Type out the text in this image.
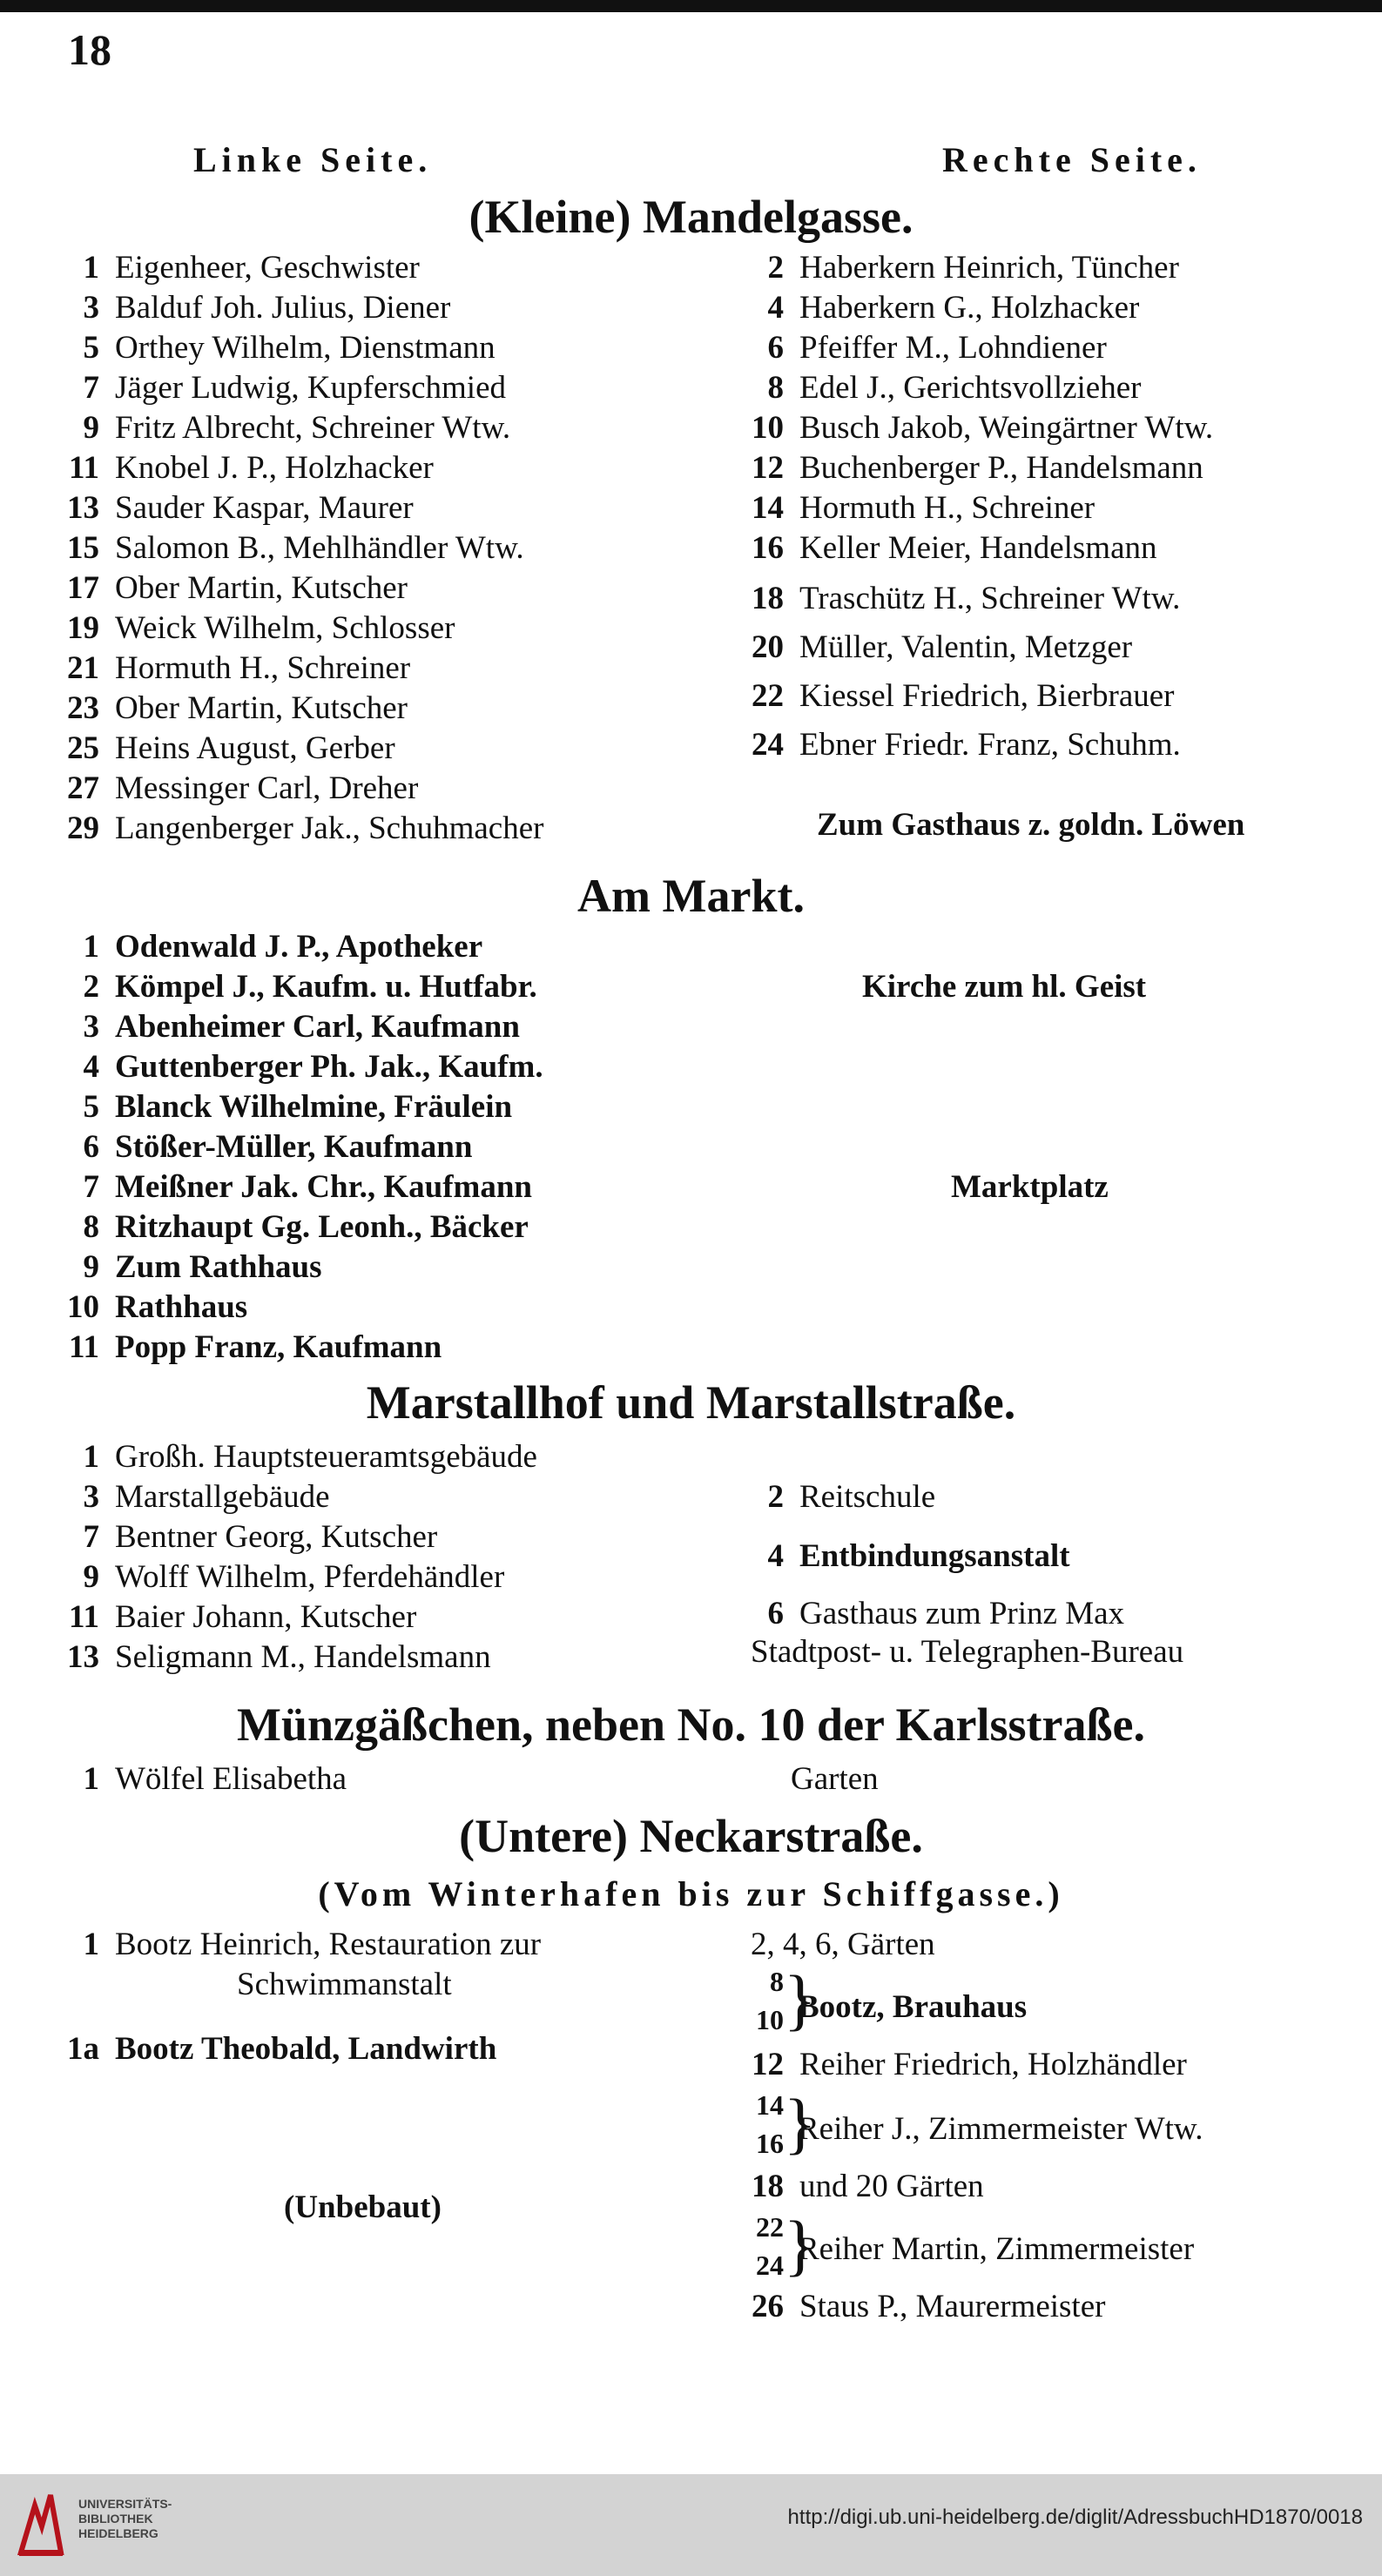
18
Linke Seite.	Rechte Seite.
(Kleine) Mandelgasse.
1 Eigenheer, Geschwister
3 Balduf Joh. Julius, Diener
5 Orthey Wilhelm, Dienstmann
7 Jäger Ludwig, Kupferschmied
9 Fritz Albrecht, Schreiner Wtw.
11 Knobel J. P., Holzhacker
13 Sauder Kaspar, Maurer
15 Salomon B., Mehlhändler Wtw.
17 Ober Martin, Kutscher
19 Weick Wilhelm, Schlosser
21 Hormuth H., Schreiner
23 Ober Martin, Kutscher
25 Heins August, Gerber
27 Messinger Carl, Dreher
29 Langenberger Jak., Schuhmacher
2 Haberkern Heinrich, Tüncher
4 Haberkern G., Holzhacker
6 Pfeiffer M., Lohndiener
8 Edel J., Gerichtsvollzieher
10 Busch Jakob, Weingärtner Wtw.
12 Buchenberger P., Handelsmann
14 Hormuth H., Schreiner
16 Keller Meier, Handelsmann
18 Traschütz H., Schreiner Wtw.
20 Müller, Valentin, Metzger
22 Kiessel Friedrich, Bierbrauer
24 Ebner Friedr. Franz, Schuhm.
Zum Gasthaus z. goldn. Löwen
Am Markt.
1 Odenwald J. P., Apotheker
2 Kömpel J., Kaufm. u. Hutfabr.
3 Abenheimer Carl, Kaufmann
4 Guttenberger Ph. Jak., Kaufm.
5 Blanck Wilhelmine, Fräulein
6 Stößer-Müller, Kaufmann
7 Meißner Jak. Chr., Kaufmann
8 Ritzhaupt Gg. Leonh., Bäcker
9 Zum Rathhaus
10 Rathhaus
11 Popp Franz, Kaufmann
Kirche zum hl. Geist
Marktplatz
Marstallhof und Marstallstraße.
1 Großh. Hauptsteueramtsgebäude
3 Marstallgebäude
7 Bentner Georg, Kutscher
9 Wolff Wilhelm, Pferdehändler
11 Baier Johann, Kutscher
13 Seligmann M., Handelsmann
2 Reitschule
4 Entbindungsanstalt
6 Gasthaus zum Prinz Max
Stadtpost- u. Telegraphen-Bureau
Münzgäßchen, neben No. 10 der Karlsstraße.
1 Wölfel Elisabetha	Garten
(Untere) Neckarstraße.
(Vom Winterhafen bis zur Schiffgasse.)
1 Bootz Heinrich, Restauration zur
Schwimmanstalt
1a Bootz Theobald, Landwirth
(Unbebaut)
2, 4, 6, Gärten
8
10 }
Bootz, Brauhaus
12 Reiher Friedrich, Holzhändler
14
16 }
Reiher J., Zimmermeister Wtw.
18 und 20 Gärten
22
24 }
Reiher Martin, Zimmermeister
26 Staus P., Maurermeister
UNIVERSITÄTS-
BIBLIOTHEK
HEIDELBERG
http://digi.ub.uni-heidelberg.de/diglit/AdressbuchHD1870/0018
